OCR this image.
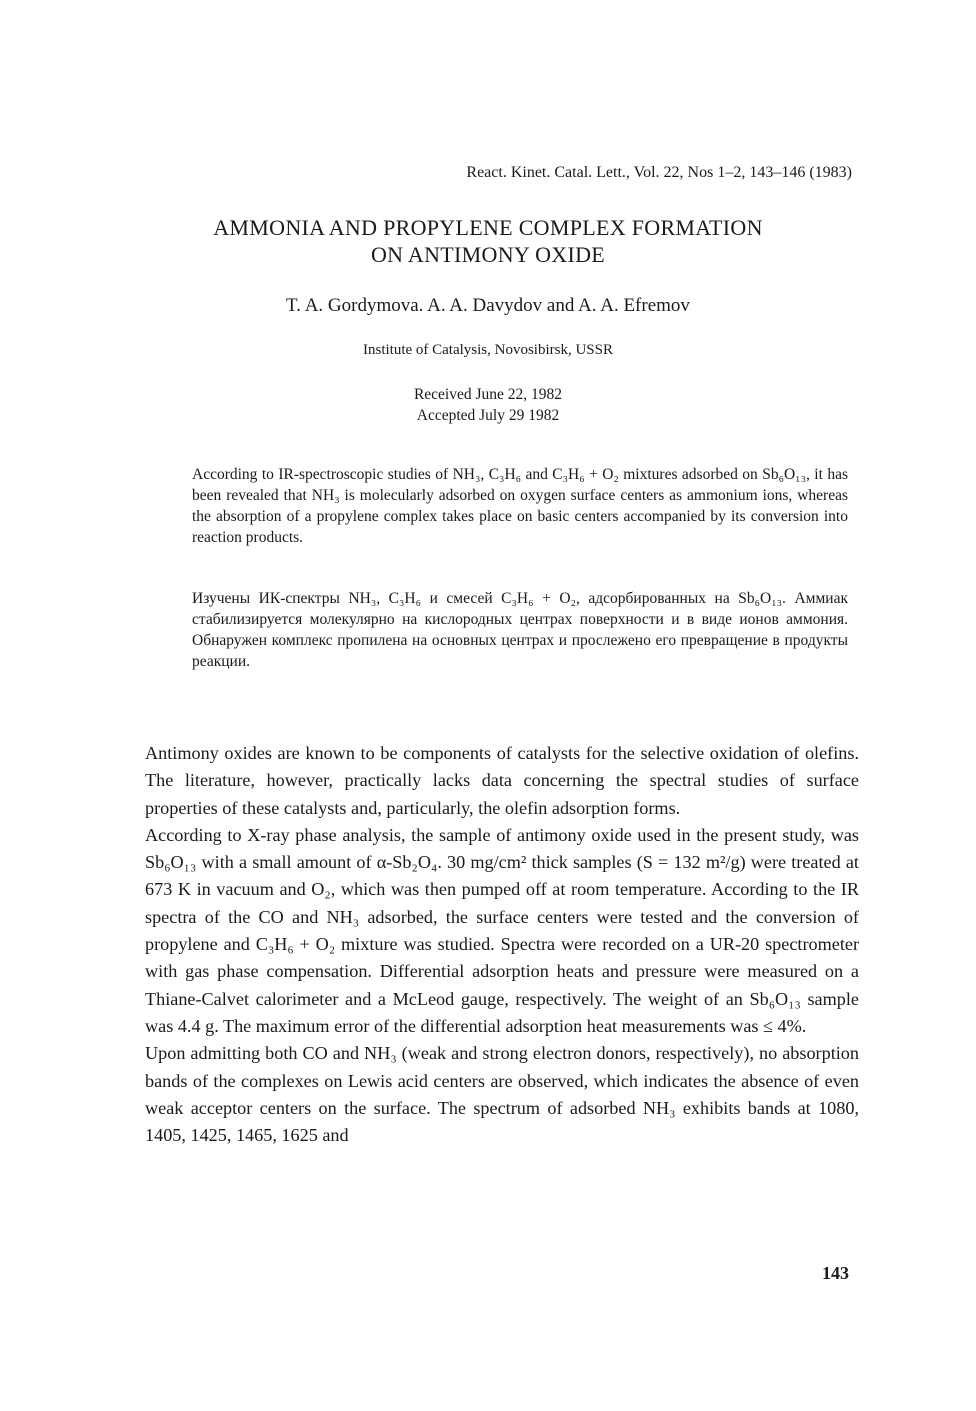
React. Kinet. Catal. Lett., Vol. 22, Nos 1–2, 143–146 (1983)
AMMONIA AND PROPYLENE COMPLEX FORMATION
ON ANTIMONY OXIDE
T. A. Gordymova. A. A. Davydov and A. A. Efremov
Institute of Catalysis, Novosibirsk, USSR
Received June 22, 1982
Accepted July 29 1982
According to IR-spectroscopic studies of NH₃, C₃H₆ and C₃H₆ + O₂ mixtures adsorbed on Sb₆O₁₃, it has been revealed that NH₃ is molecularly adsorbed on oxygen surface centers as ammonium ions, whereas the absorption of a propylene complex takes place on basic centers accompanied by its conversion into reaction products.
Изучены ИК-спектры NH₃, C₃H₆ и смесей C₃H₆ + O₂, адсорбированных на Sb₆O₁₃. Аммиак стабилизируется молекулярно на кислородных центрах поверхности и в виде ионов аммония. Обнаружен комплекс пропилена на основных центрах и прослежено его превращение в продукты реакции.

Antimony oxides are known to be components of catalysts for the selective oxidation of olefins. The literature, however, practically lacks data concerning the spectral studies of surface properties of these catalysts and, particularly, the olefin adsorption forms.

According to X-ray phase analysis, the sample of antimony oxide used in the present study, was Sb₆O₁₃ with a small amount of α-Sb₂O₄. 30 mg/cm² thick samples (S = 132 m²/g) were treated at 673 K in vacuum and O₂, which was then pumped off at room temperature. According to the IR spectra of the CO and NH₃ adsorbed, the surface centers were tested and the conversion of propylene and C₃H₆ + O₂ mixture was studied. Spectra were recorded on a UR-20 spectrometer with gas phase compensation. Differential adsorption heats and pressure were measured on a Thiane-Calvet calorimeter and a McLeod gauge, respectively. The weight of an Sb₆O₁₃ sample was 4.4 g. The maximum error of the differential adsorption heat measurements was ≤ 4%.

Upon admitting both CO and NH₃ (weak and strong electron donors, respectively), no absorption bands of the complexes on Lewis acid centers are observed, which indicates the absence of even weak acceptor centers on the surface. The spectrum of adsorbed NH₃ exhibits bands at 1080, 1405, 1425, 1465, 1625 and

143
